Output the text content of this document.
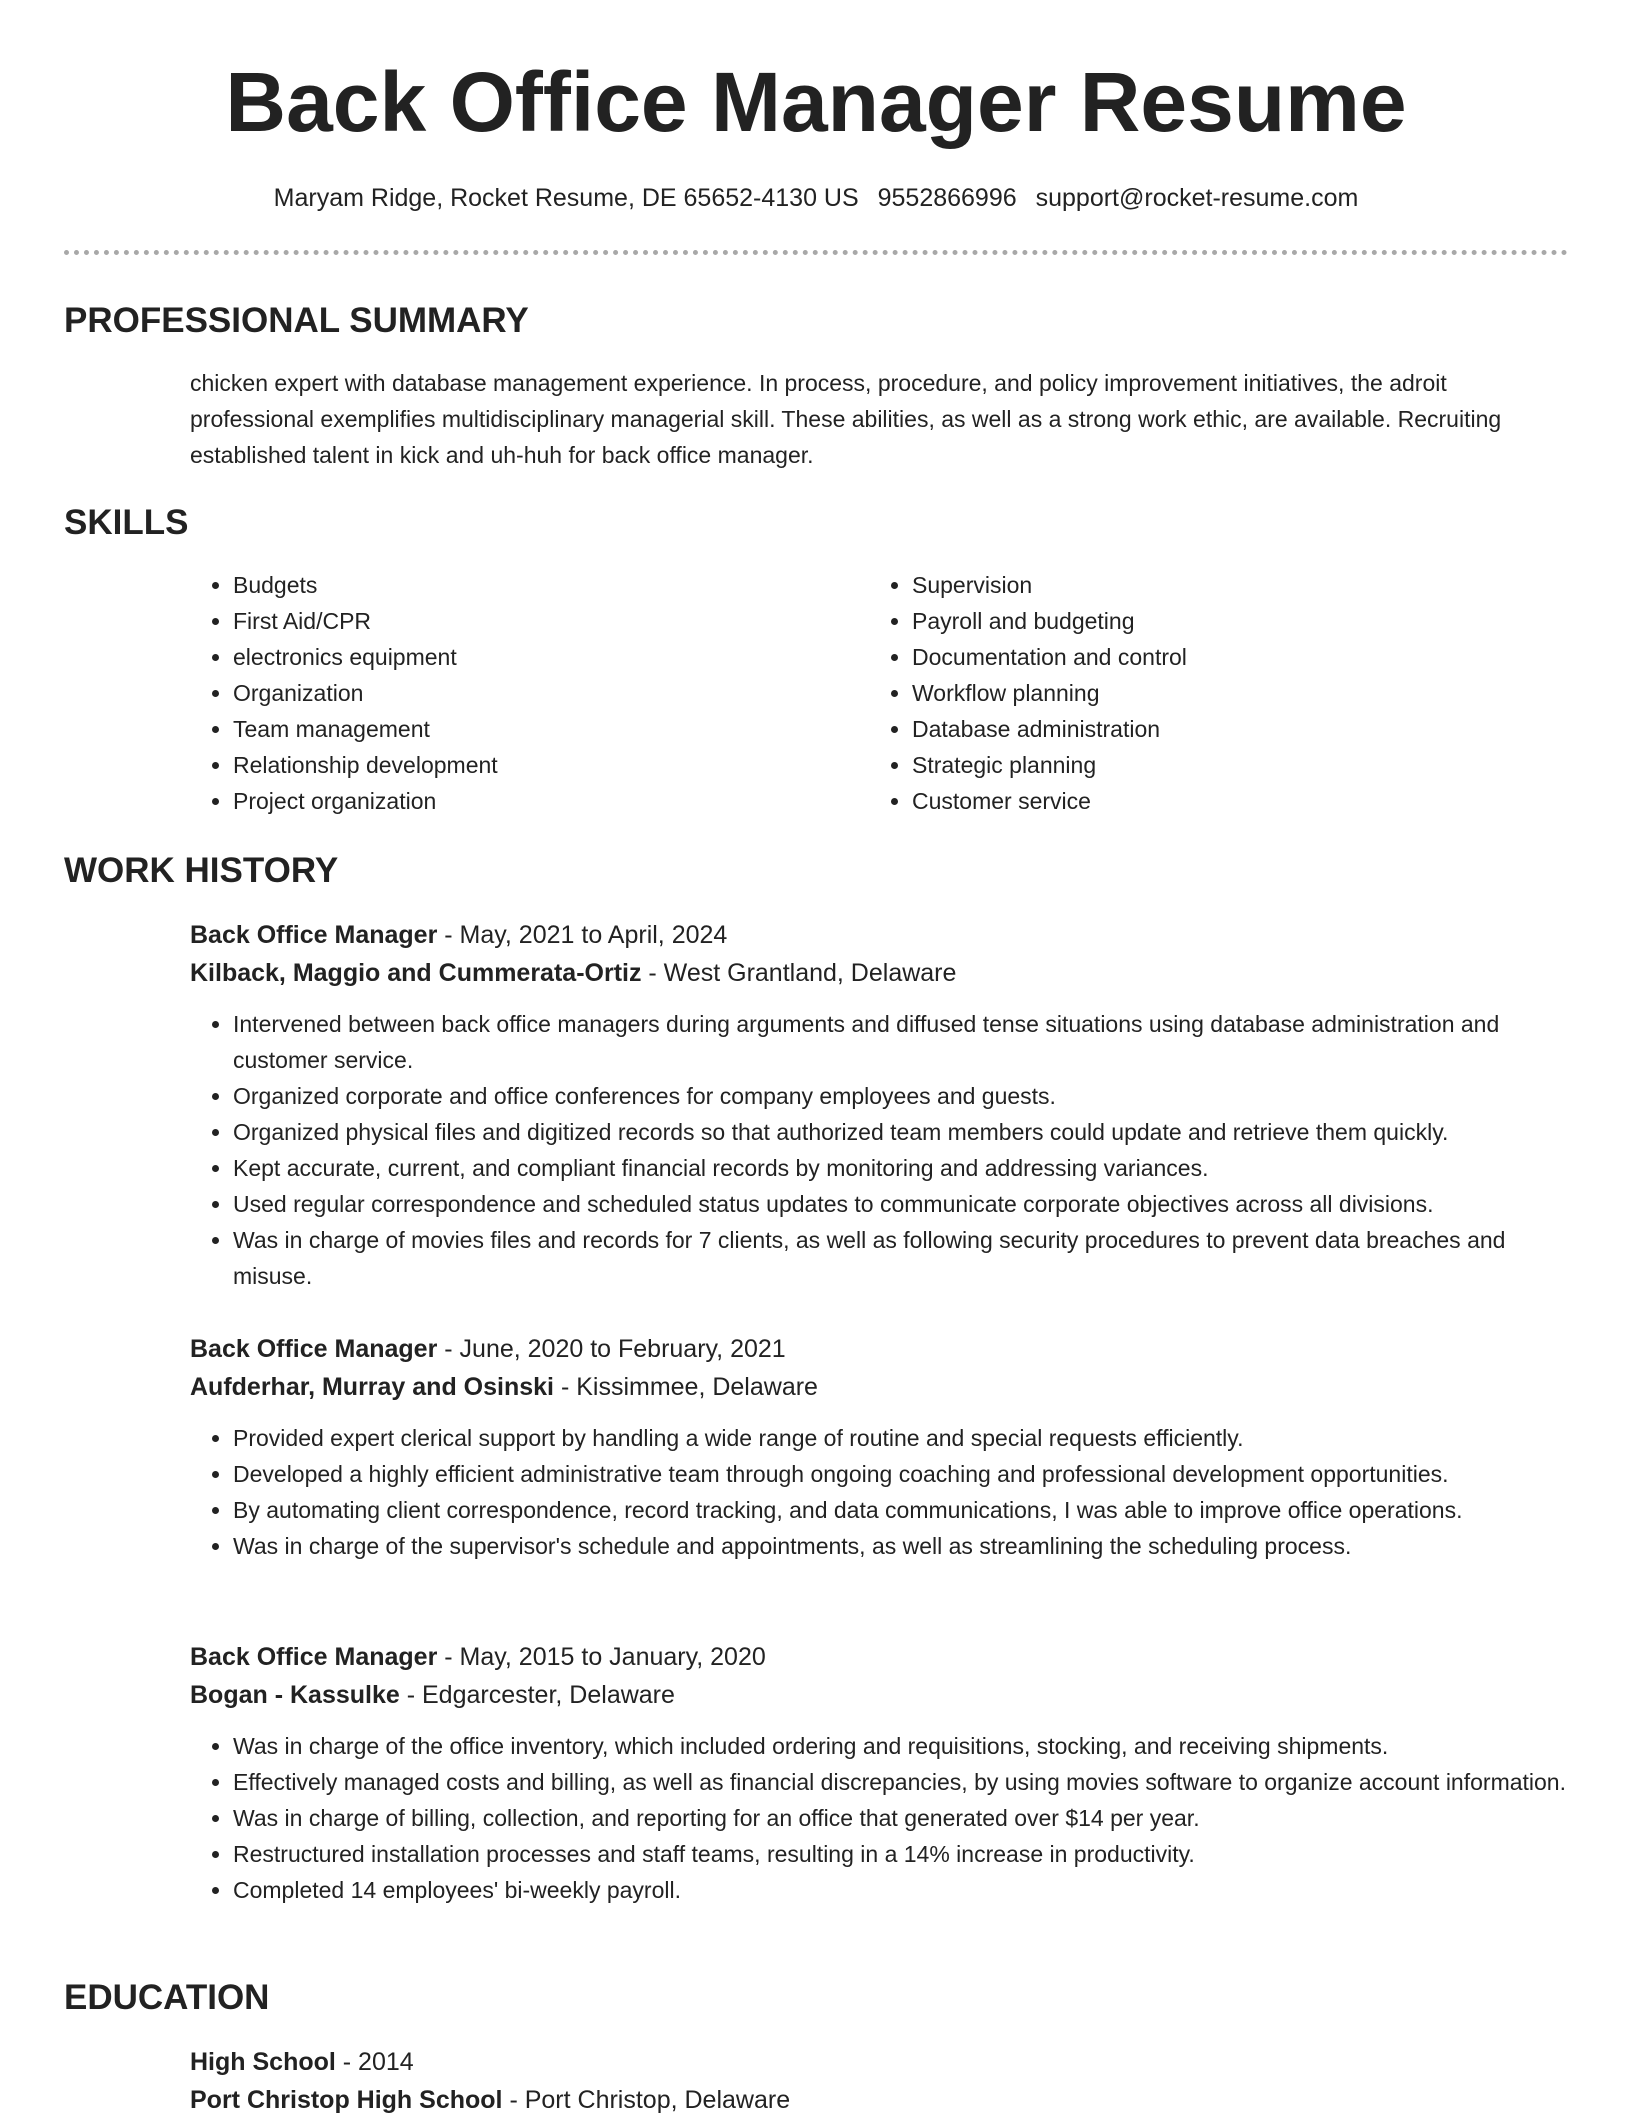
Back Office Manager Resume
Maryam Ridge, Rocket Resume, DE 65652-4130 US 9552866996 support@rocket-resume.com
PROFESSIONAL SUMMARY

chicken expert with database management experience. In process, procedure, and policy improvement initiatives, the adroit professional exemplifies multidisciplinary managerial skill. These abilities, as well as a strong work ethic, are available. Recruiting established talent in kick and uh-huh for back office manager.

SKILLS
• Budgets
• First Aid/CPR
• electronics equipment
• Organization
• Team management
• Relationship development
• Project organization
• Supervision
• Payroll and budgeting
• Documentation and control
• Workflow planning
• Database administration
• Strategic planning
• Customer service
WORK HISTORY

Back Office Manager - May, 2021 to April, 2024

Kilback, Maggio and Cummerata-Ortiz - West Grantland, Delaware

• Intervened between back office managers during arguments and diffused tense situations using database administration and customer service.
• Organized corporate and office conferences for company employees and guests.
• Organized physical files and digitized records so that authorized team members could update and retrieve them quickly.
• Kept accurate, current, and compliant financial records by monitoring and addressing variances.
• Used regular correspondence and scheduled status updates to communicate corporate objectives across all divisions.
• Was in charge of movies files and records for 7 clients, as well as following security procedures to prevent data breaches and misuse.

Back Office Manager - June, 2020 to February, 2021

Aufderhar, Murray and Osinski - Kissimmee, Delaware

• Provided expert clerical support by handling a wide range of routine and special requests efficiently.
• Developed a highly efficient administrative team through ongoing coaching and professional development opportunities.
• By automating client correspondence, record tracking, and data communications, I was able to improve office operations.
• Was in charge of the supervisor's schedule and appointments, as well as streamlining the scheduling process.

Back Office Manager - May, 2015 to January, 2020

Bogan - Kassulke - Edgarcester, Delaware

• Was in charge of the office inventory, which included ordering and requisitions, stocking, and receiving shipments.
• Effectively managed costs and billing, as well as financial discrepancies, by using movies software to organize account information.
• Was in charge of billing, collection, and reporting for an office that generated over $14 per year.
• Restructured installation processes and staff teams, resulting in a 14% increase in productivity.
• Completed 14 employees' bi-weekly payroll.
EDUCATION

High School - 2014

Port Christop High School - Port Christop, Delaware
